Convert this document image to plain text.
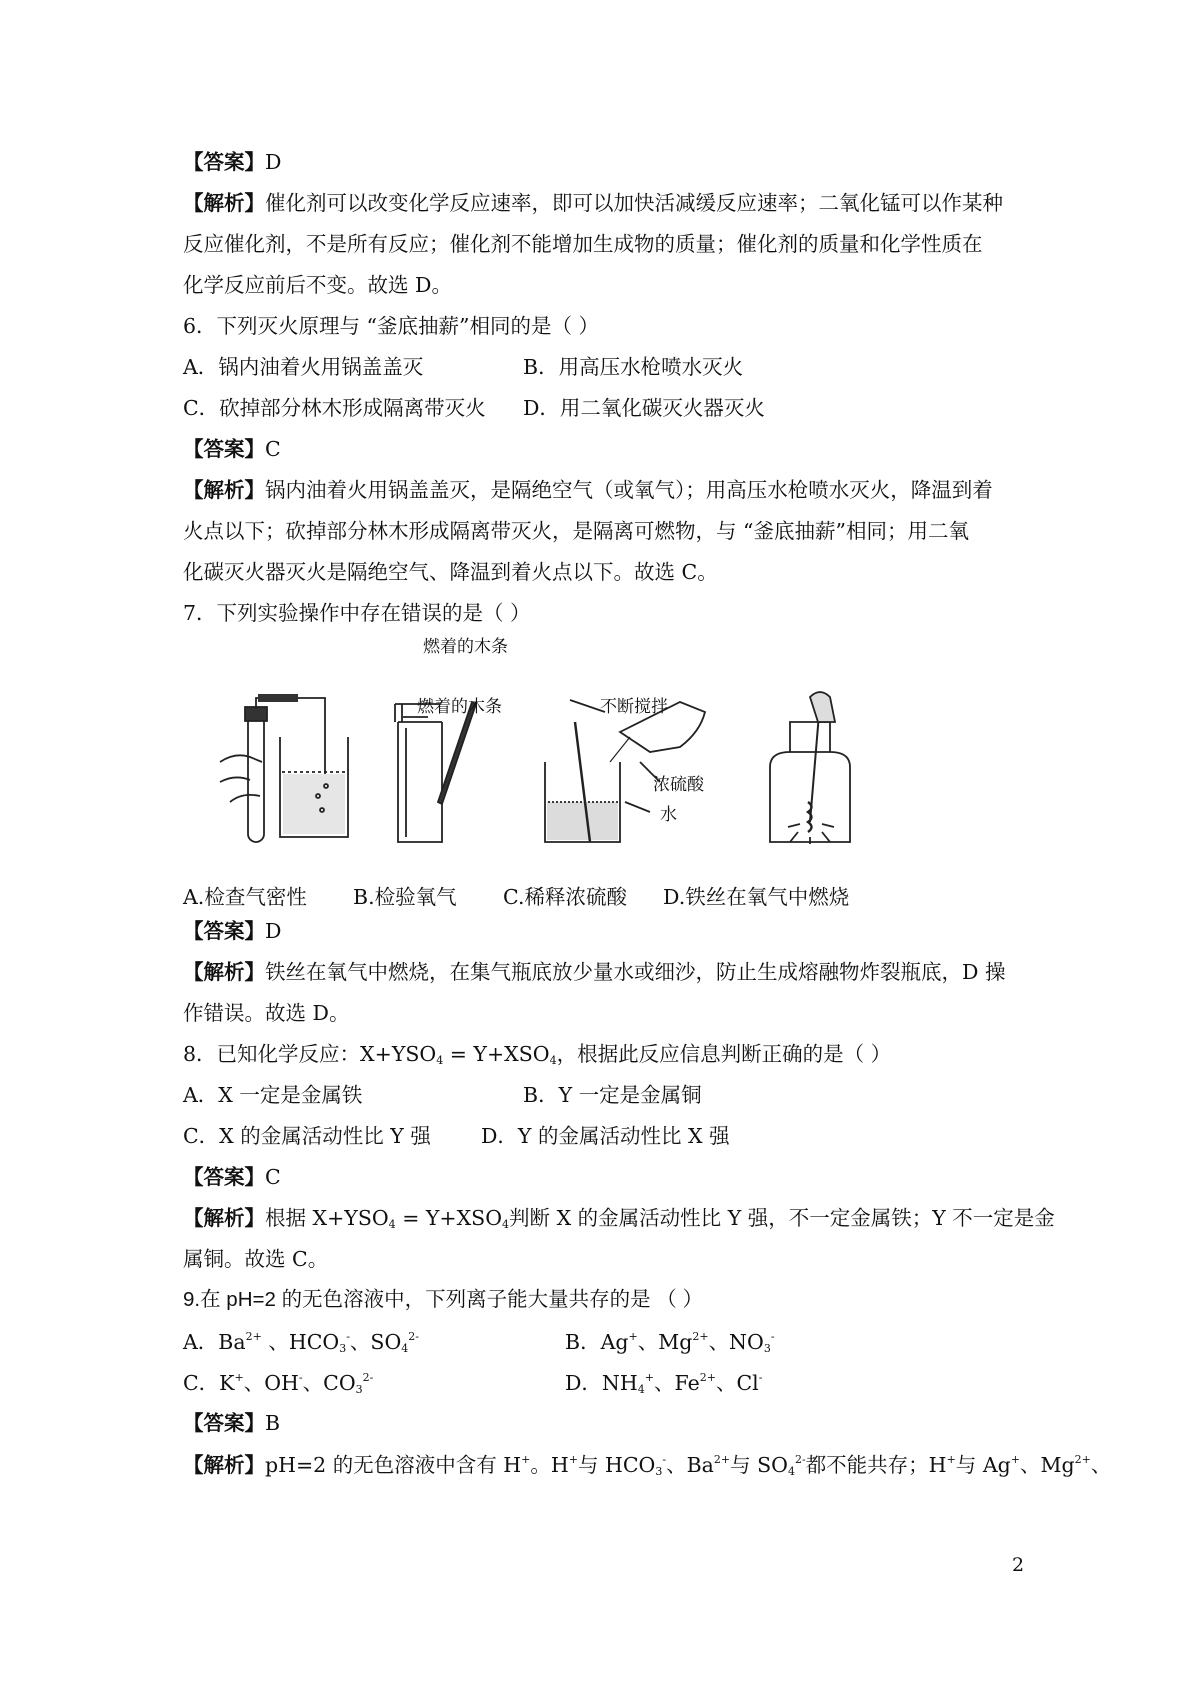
【答案】D
【解析】催化剂可以改变化学反应速率，即可以加快活减缓反应速率；二氧化锰可以作某种
反应催化剂，不是所有反应；催化剂不能增加生成物的质量；催化剂的质量和化学性质在
化学反应前后不变。故选 D。
6．下列灭火原理与 “釜底抽薪”相同的是（ ）
A．锅内油着火用锅盖盖灭	B．用高压水枪喷水灭火
C．砍掉部分林木形成隔离带灭火 D．用二氧化碳灭火器灭火
【答案】C
【解析】锅内油着火用锅盖盖灭，是隔绝空气（或氧气）；用高压水枪喷水灭火，降温到着
火点以下；砍掉部分林木形成隔离带灭火，是隔离可燃物，与 “釜底抽薪”相同；用二氧
化碳灭火器灭火是隔绝空气、降温到着火点以下。故选 C。
7．下列实验操作中存在错误的是（ ）
燃着的木条
燃着的木条	不断搅拌
浓硫酸
水
A.检查气密性 B.检验氧气 C.稀释浓硫酸 D.铁丝在氧气中燃烧
【答案】D
【解析】铁丝在氧气中燃烧，在集气瓶底放少量水或细沙，防止生成熔融物炸裂瓶底，D 操
作错误。故选 D。
8．已知化学反应：$X+YSO_4 = Y+XSO_4$，根据此反应信息判断正确的是（ ）
A．X 一定是金属铁	B．Y 一定是金属铜
C．X 的金属活动性比 Y 强 D．Y 的金属活动性比 X 强
【答案】C
【解析】根据 $X+YSO_4 = Y+XSO_4$判断 X 的金属活动性比 Y 强，不一定金属铁；Y 不一定是金
属铜。故选 C。
9.在 pH=2 的无色溶液中，下列离子能大量共存的是 （ ）
A．$Ba^{2+}$ 、$HCO_3^-$、$SO_4^{2-}$	B．Ag+、$Mg^{2+}$、$NO_3^-$
C．K+、OH-、$CO_3^{2-}$	D．$NH_4^+$、$Fe^{2+}$、Cl-
【答案】B
【解析】pH=2 的无色溶液中含有 H+。H+与 $HCO_3^-$、$Ba^{2+}$与 $SO_4^{2-}$都不能共存；H+与 Ag+、$Mg^{2+}$、
2
